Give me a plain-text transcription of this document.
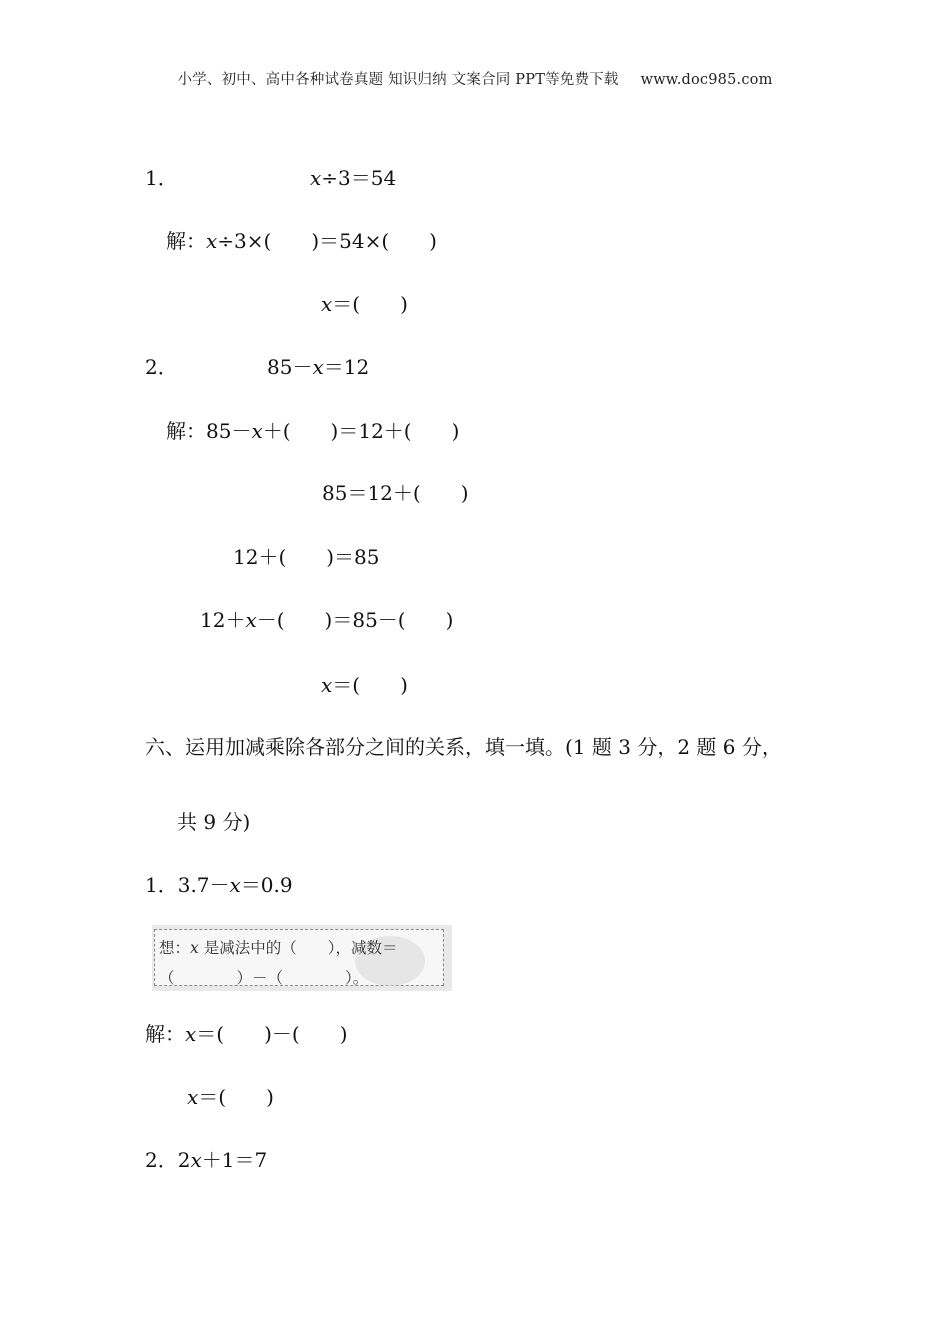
小学、初中、高中各种试卷真题 知识归纳 文案合同 PPT等免费下载 www.doc985.com
1．	x÷3＝54
解：x÷3×(　　)＝54×(　　)
x＝(　　)
2．	85－x＝12
解：85－x＋(　　)＝12＋(　　)
85＝12＋(　　)
12＋(　　)＝85
12＋x－(　　)＝85－(　　)
x＝(　　)
六、运用加减乘除各部分之间的关系，填一填。(1 题 3 分，2 题 6 分，
共 9 分)
1．3.7－x＝0.9
想：x 是减法中的（　　），减数＝
（　　　　）－（　　　　）。
解：x＝(　　)－(　　)
x＝(　　)
2．2x＋1＝7
